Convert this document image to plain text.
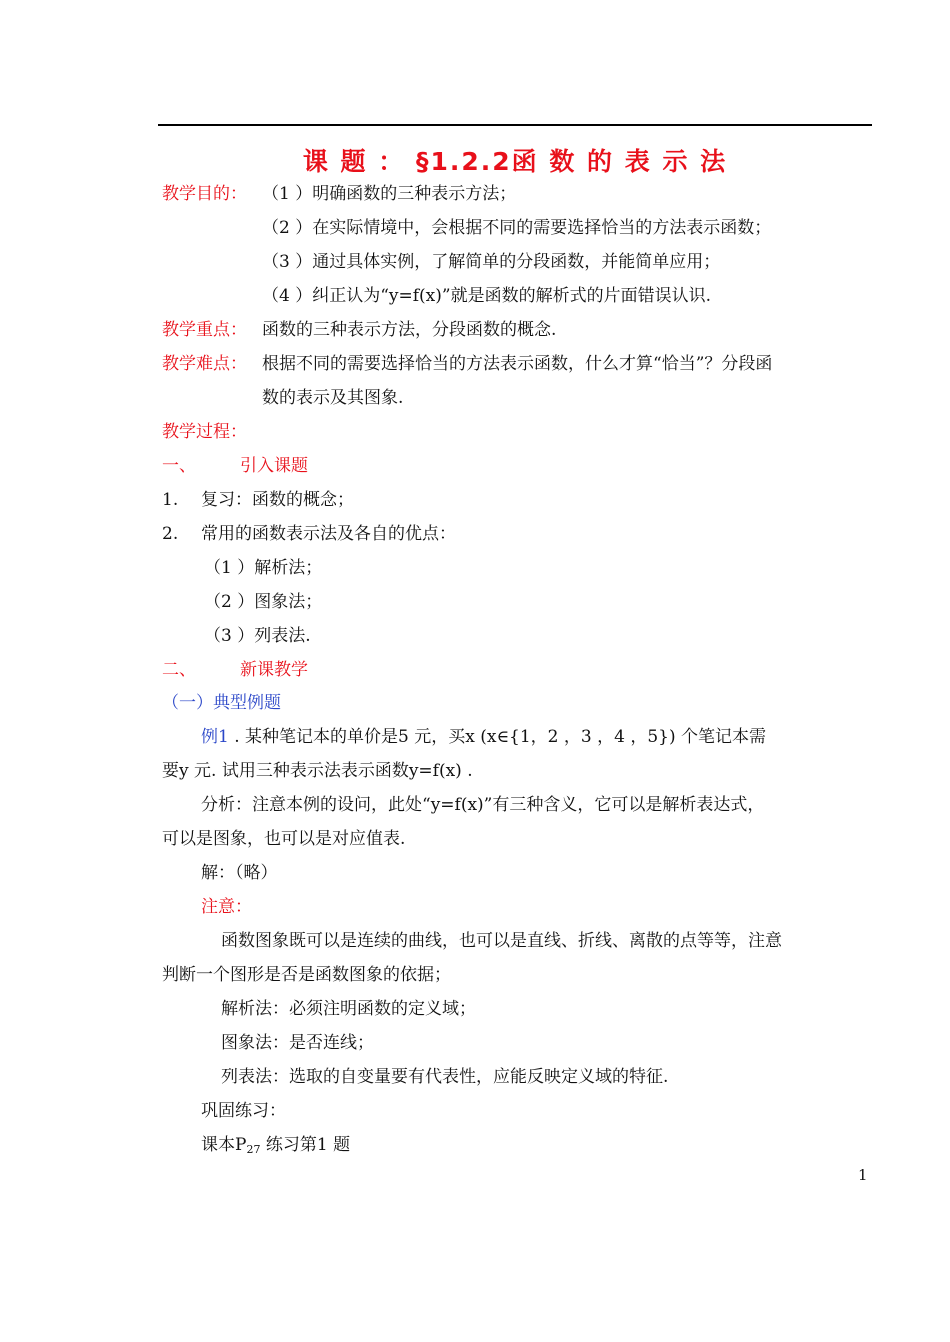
课 题 ： §1.2.2函 数 的 表 示 法
教学目的： （1 ）明确函数的三种表示方法；
（2 ）在实际情境中，会根据不同的需要选择恰当的方法表示函数；
（3 ）通过具体实例，了解简单的分段函数，并能简单应用；
（4 ）纠正认为“y=f(x)”就是函数的解析式的片面错误认识.
教学重点： 函数的三种表示方法，分段函数的概念.
教学难点： 根据不同的需要选择恰当的方法表示函数，什么才算“恰当”？分段函
数的表示及其图象.
教学过程：
一、	引入课题
1. 复习：函数的概念；
2. 常用的函数表示法及各自的优点：
（1 ）解析法；
（2 ）图象法；
（3 ）列表法.
二、	新课教学
（一）典型例题
例1 . 某种笔记本的单价是5 元，买x (x∈{1，2 ，3 ，4 ，5}) 个笔记本需
要y 元. 试用三种表示法表示函数y=f(x) .
分析：注意本例的设问，此处“y=f(x)”有三种含义，它可以是解析表达式，
可以是图象，也可以是对应值表.
解：（略）
注意：
函数图象既可以是连续的曲线，也可以是直线、折线、离散的点等等，注意
判断一个图形是否是函数图象的依据；
解析法：必须注明函数的定义域；
图象法：是否连线；
列表法：选取的自变量要有代表性，应能反映定义域的特征.
巩固练习：
课本$P_{27}$ 练习第1 题
1
